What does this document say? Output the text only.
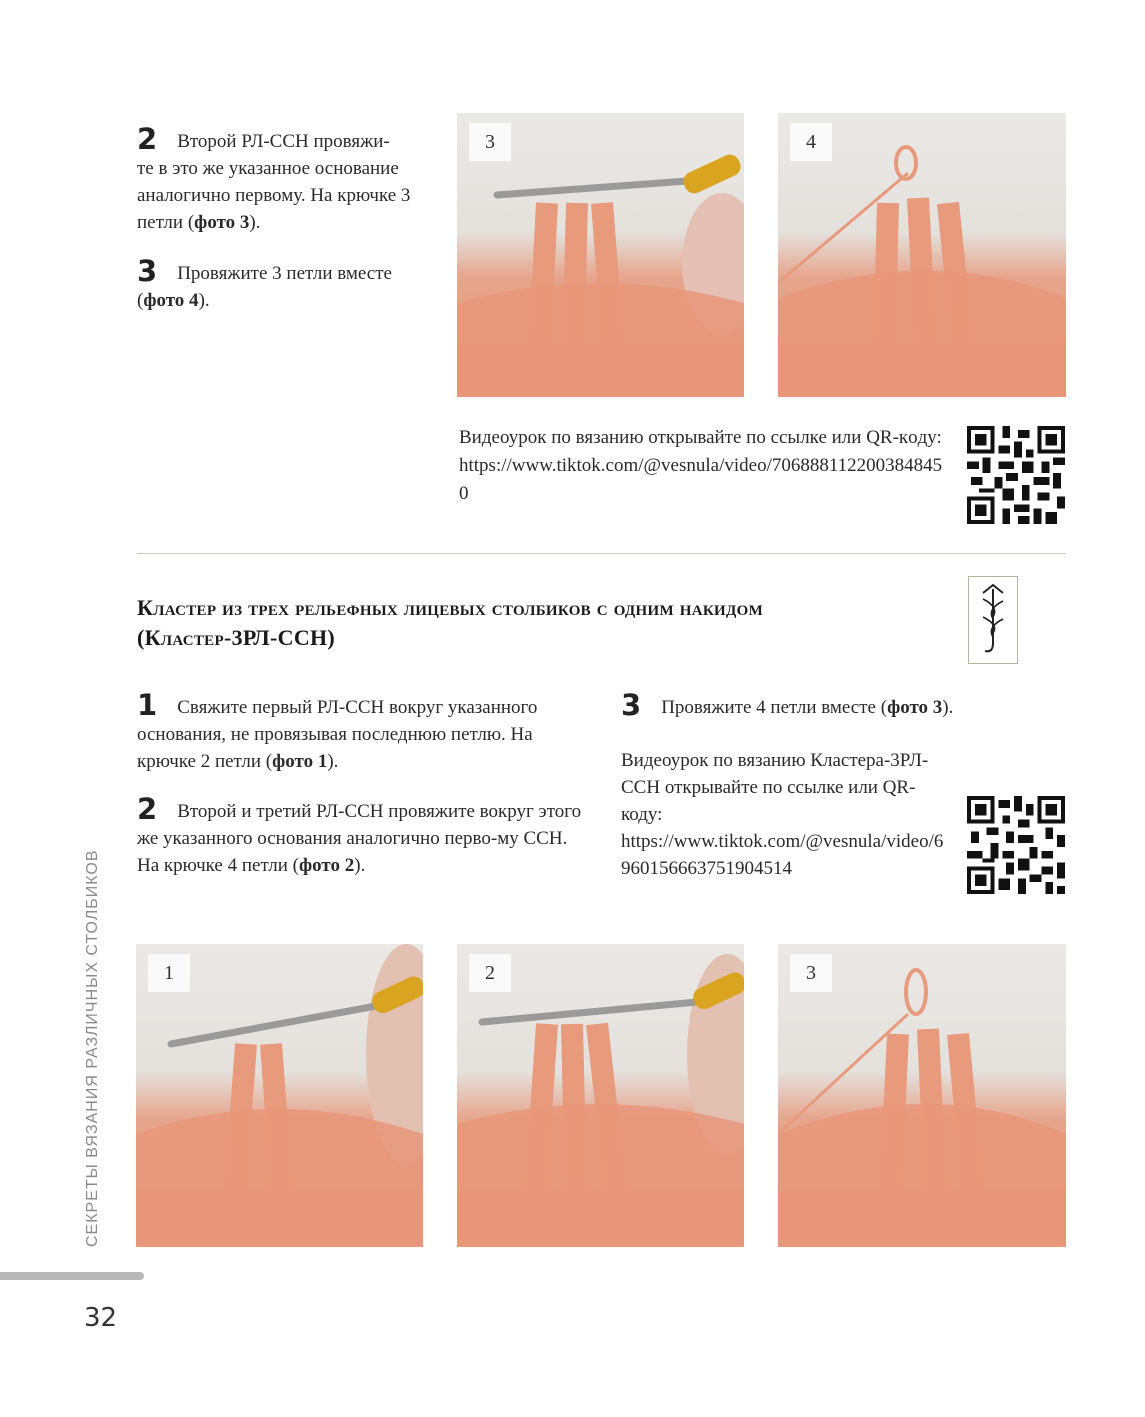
2 Второй РЛ-ССН провяжи-
те в это же указанное основание аналогично первому. На крючке 3 петли (фото 3).
3 Провяжите 3 петли вместе (фото 4).
3	4
Видеоурок по вязанию открывайте по ссылке или QR-кoду: https://www.tiktok.com/@vesnula/video/7068881122003848450
Кластер из трех рельефных лицевых столбиков с одним накидом
(Кластер-3РЛ-ССН)
1 Свяжите первый РЛ-ССН вокруг указанного основания, не провязывая последнюю петлю. На крючке 2 петли (фото 1).
2 Второй и третий РЛ-ССН провяжите вокруг этого же указанного основания аналогично перво-му ССН. На крючке 4 петли (фото 2).
3 Провяжите 4 петли вместе (фото 3).
Видеоурок по вязанию Кластера-3РЛ-ССН открывайте по ссылке или QR-коду: https://www.tiktok.com/@vesnula/video/6960156663751904514
1	2	3
СЕКРЕТЫ ВЯЗАНИЯ РАЗЛИЧНЫХ СТОЛБИКОВ
32
